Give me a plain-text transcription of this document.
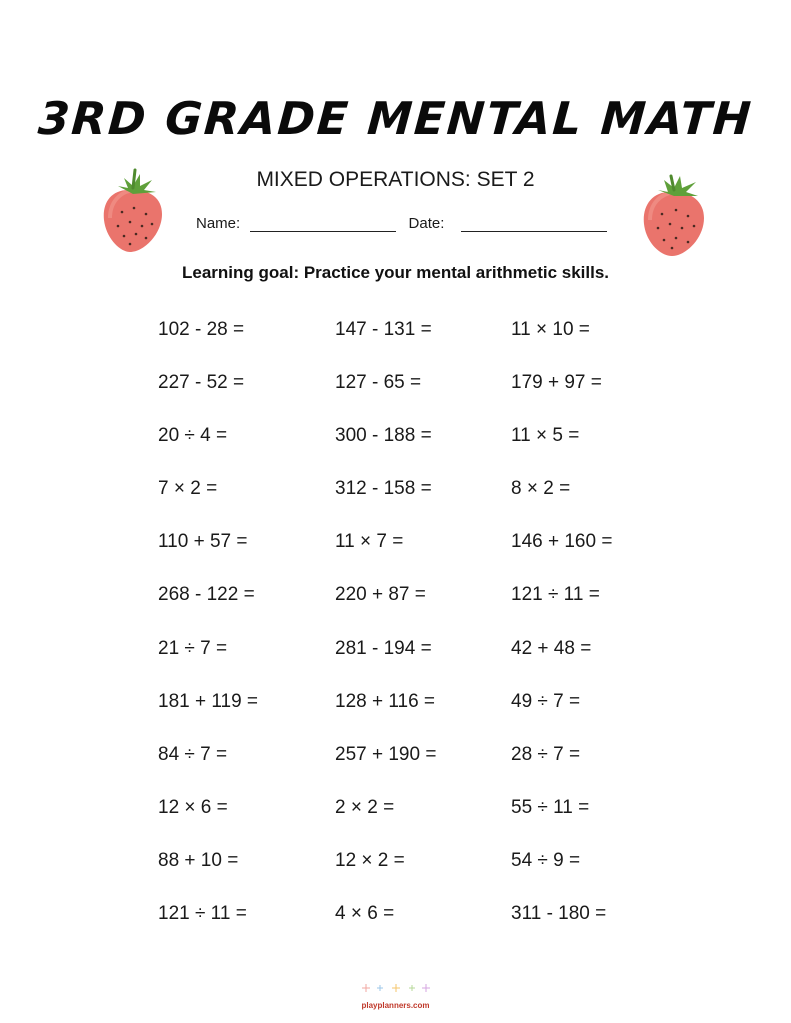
3RD GRADE MENTAL MATH
MIXED OPERATIONS: SET 2
Name:	Date:
Learning goal: Practice your mental arithmetic skills.
102 - 28 =	147 - 131 =	11 × 10 =
227 - 52 =	127 - 65 =	179 + 97 =
20 ÷ 4 =	300 - 188 =	11 × 5 =
7 × 2 =	312 - 158 =	8 × 2 =
110 + 57 =	11 × 7 =	146 + 160 =
268 - 122 =	220 + 87 =	121 ÷ 11 =
21 ÷ 7 =	281 - 194 =	42 + 48 =
181 + 119 =	128 + 116 =	49 ÷ 7 =
84 ÷ 7 =	257 + 190 =	28 ÷ 7 =
12 × 6 =	2 × 2 =	55 ÷ 11 =
88 + 10 =	12 × 2 =	54 ÷ 9 =
121 ÷ 11 =	4 × 6 =	311 - 180 =
playplanners.com
